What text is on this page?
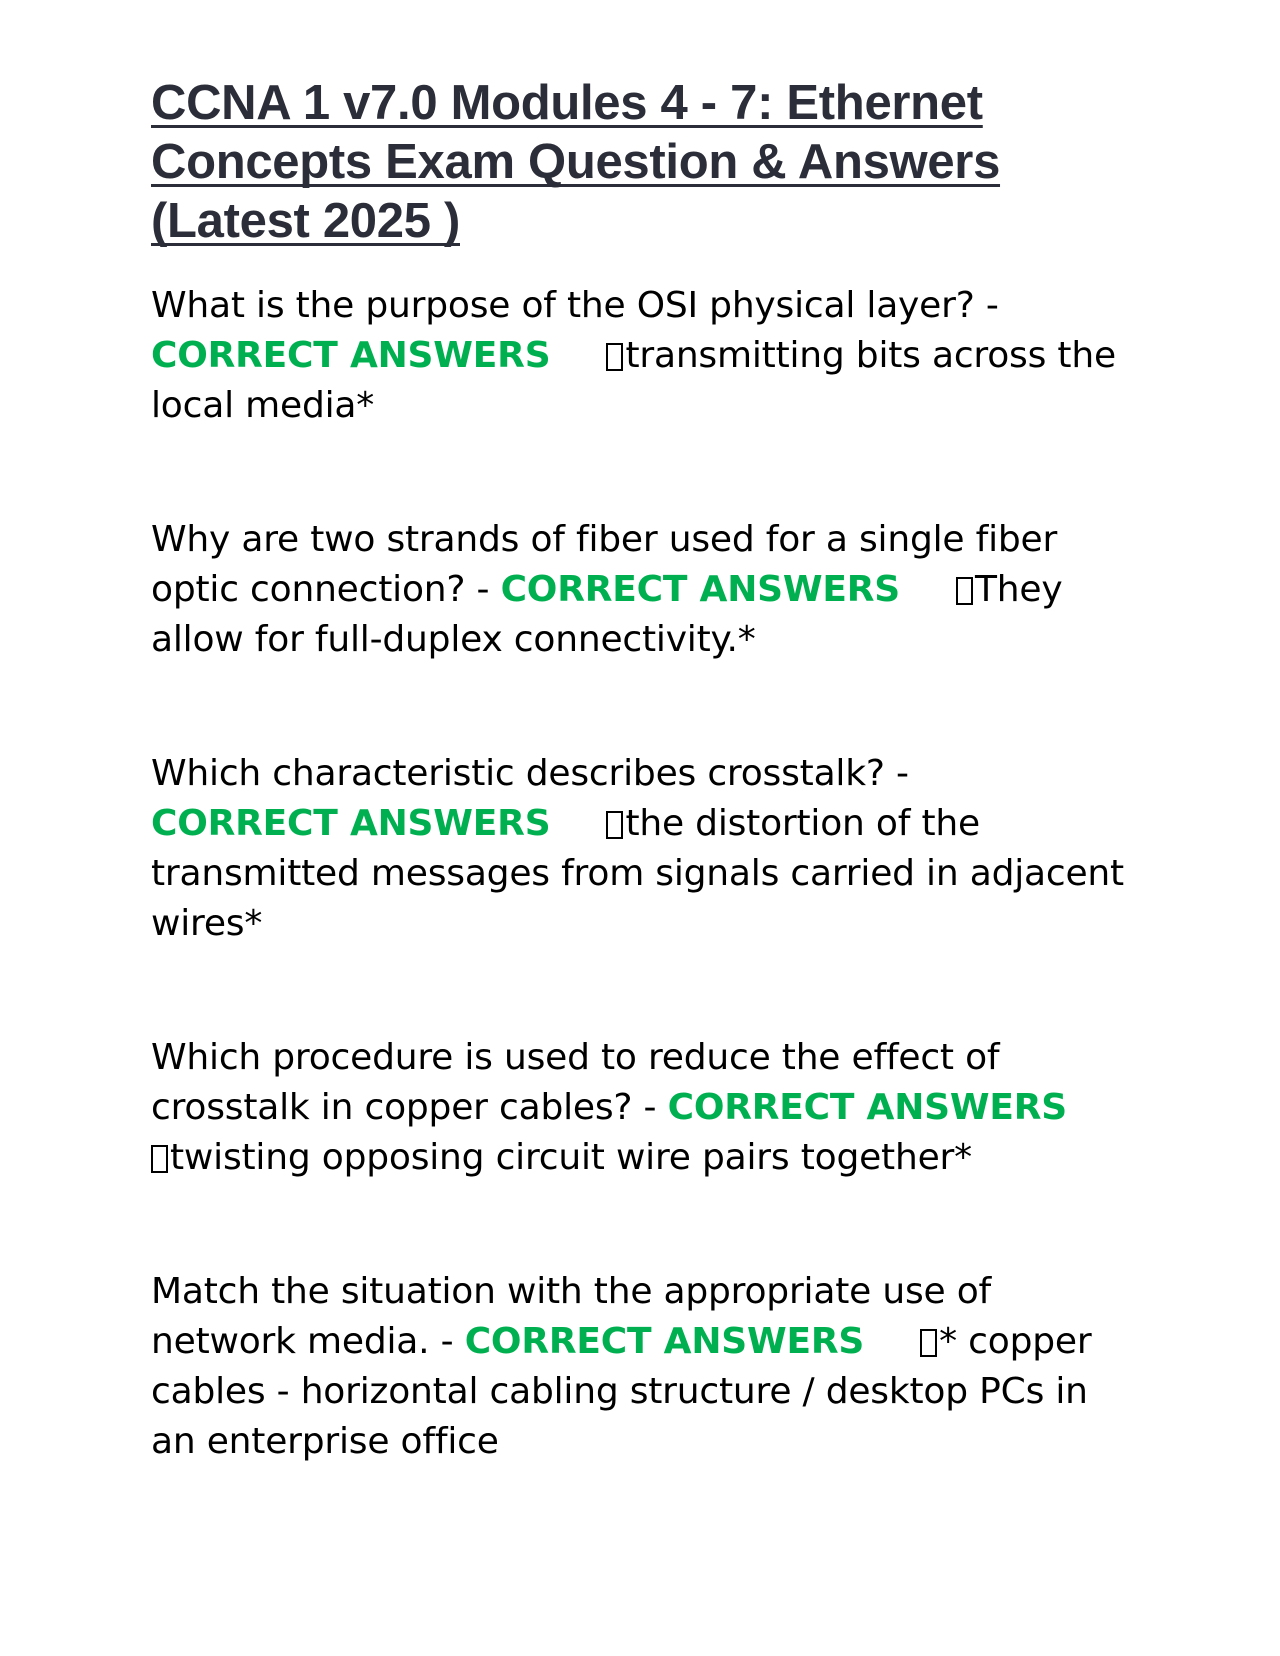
CCNA 1 v7.0 Modules 4 - 7: Ethernet Concepts Exam Question & Answers (Latest 2025 )

What is the purpose of the OSI physical layer? -
CORRECT ANSWERS transmitting bits across the local media*

Why are two strands of fiber used for a single fiber optic connection? - CORRECT ANSWERS They allow for full-duplex connectivity.*

Which characteristic describes crosstalk? -
CORRECT ANSWERS the distortion of the transmitted messages from signals carried in adjacent wires*

Which procedure is used to reduce the effect of crosstalk in copper cables? - CORRECT ANSWERS
twisting opposing circuit wire pairs together*

Match the situation with the appropriate use of network media. - CORRECT ANSWERS * copper cables - horizontal cabling structure / desktop PCs in an enterprise office
